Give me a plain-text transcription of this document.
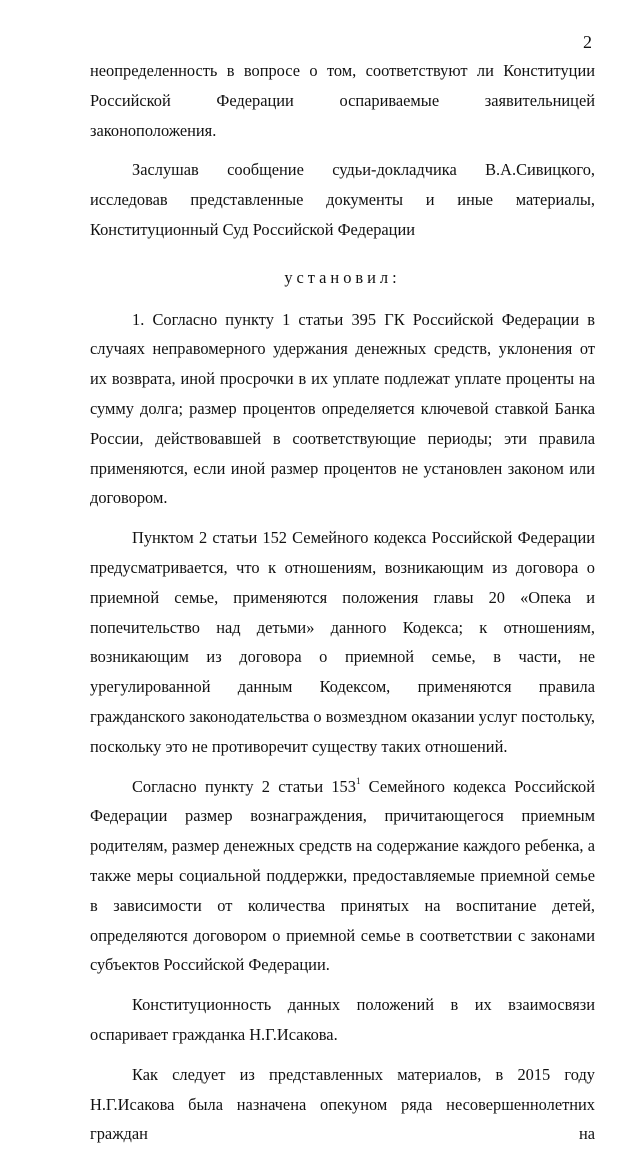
2

неопределенность в вопросе о том, соответствуют ли Конституции Российской Федерации оспариваемые заявительницей законоположения.

Заслушав сообщение судьи-докладчика В.А.Сивицкого, исследовав представленные документы и иные материалы, Конституционный Суд Российской Федерации

установил:

1. Согласно пункту 1 статьи 395 ГК Российской Федерации в случаях неправомерного удержания денежных средств, уклонения от их возврата, иной просрочки в их уплате подлежат уплате проценты на сумму долга; размер процентов определяется ключевой ставкой Банка России, действовавшей в соответствующие периоды; эти правила применяются, если иной размер процентов не установлен законом или договором.

Пунктом 2 статьи 152 Семейного кодекса Российской Федерации предусматривается, что к отношениям, возникающим из договора о приемной семье, применяются положения главы 20 «Опека и попечительство над детьми» данного Кодекса; к отношениям, возникающим из договора о приемной семье, в части, не урегулированной данным Кодексом, применяются правила гражданского законодательства о возмездном оказании услуг постольку, поскольку это не противоречит существу таких отношений.

Согласно пункту 2 статьи $153^1$ Семейного кодекса Российской Федерации размер вознаграждения, причитающегося приемным родителям, размер денежных средств на содержание каждого ребенка, а также меры социальной поддержки, предоставляемые приемной семье в зависимости от количества принятых на воспитание детей, определяются договором о приемной семье в соответствии с законами субъектов Российской Федерации.

Конституционность данных положений в их взаимосвязи оспаривает гражданка Н.Г.Исакова.

Как следует из представленных материалов, в 2015 году Н.Г.Исакова была назначена опекуном ряда несовершеннолетних граждан на
